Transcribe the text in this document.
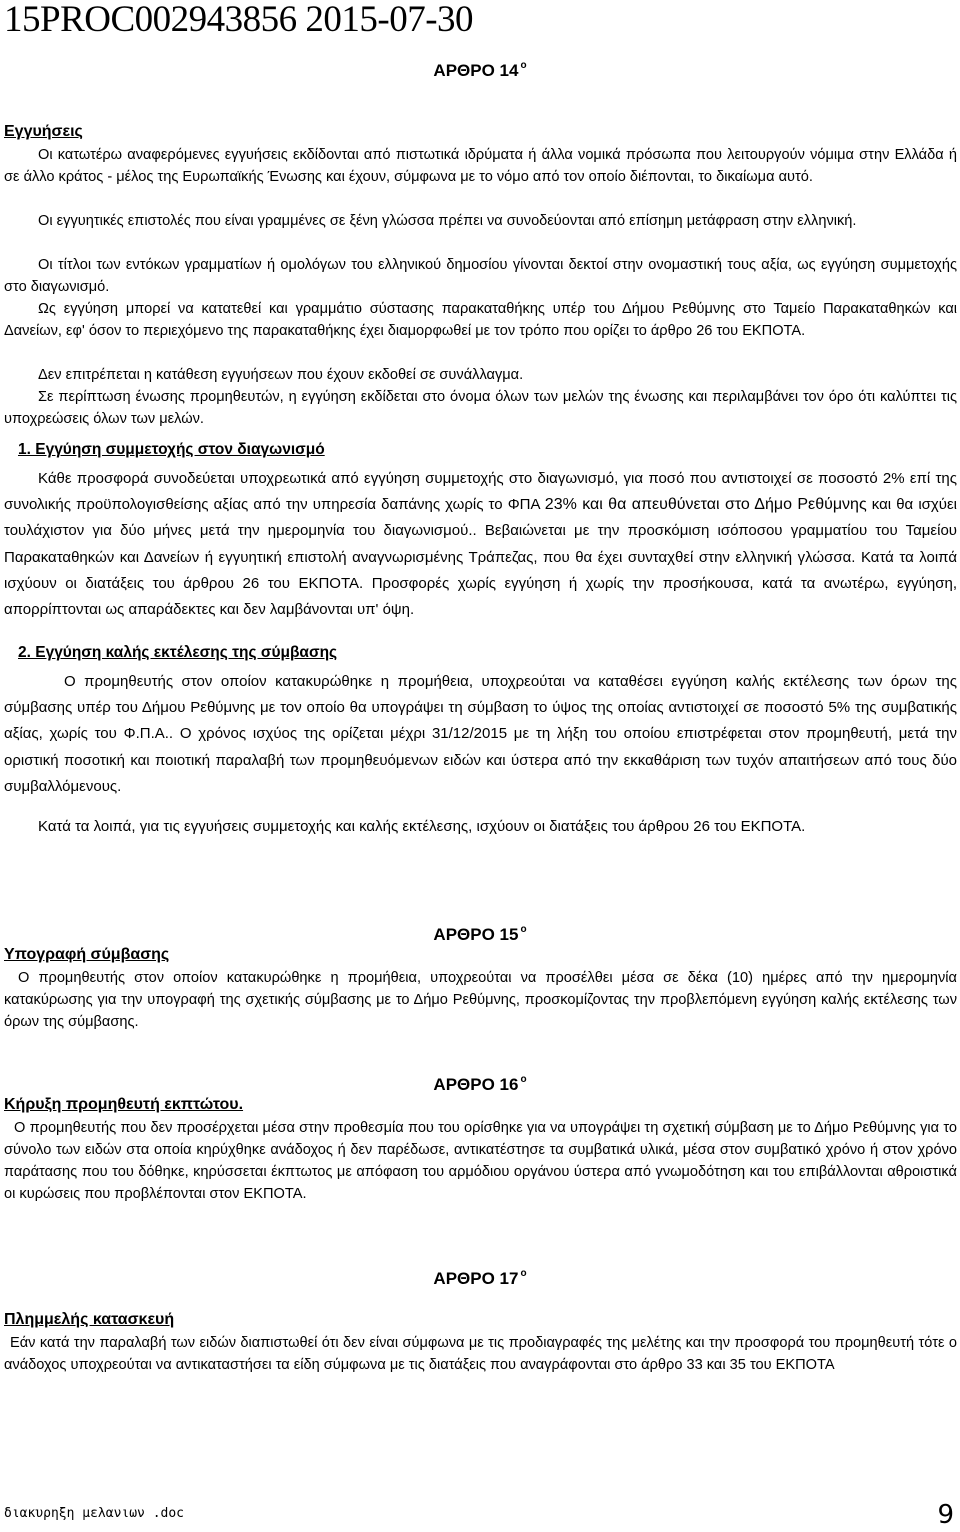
15PROC002943856 2015-07-30
ΑΡΘΡΟ 14 $^o$
Εγγυήσεις
Οι κατωτέρω αναφερόμενες εγγυήσεις εκδίδονται από πιστωτικά ιδρύματα ή άλλα νομικά πρόσωπα που λειτουργούν νόμιμα στην Ελλάδα ή σε άλλο κράτος - μέλος της Ευρωπαϊκής Ένωσης και έχουν, σύμφωνα με το νόμο από τον οποίο διέπονται, το δικαίωμα αυτό.
Οι εγγυητικές επιστολές που είναι γραμμένες σε ξένη γλώσσα πρέπει να συνοδεύονται από επίσημη μετάφραση στην ελληνική.
Οι τίτλοι των εντόκων γραμματίων ή ομολόγων του ελληνικού δημοσίου γίνονται δεκτοί στην ονομαστική τους αξία, ως εγγύηση συμμετοχής στο διαγωνισμό.
Ως εγγύηση μπορεί να κατατεθεί και γραμμάτιο σύστασης παρακαταθήκης υπέρ του Δήμου Ρεθύμνης στο Ταμείο Παρακαταθηκών και Δανείων, εφ' όσον το περιεχόμενο της παρακαταθήκης έχει διαμορφωθεί με τον τρόπο που ορίζει το άρθρο 26 του ΕΚΠΟΤΑ.
Δεν επιτρέπεται η κατάθεση εγγυήσεων που έχουν εκδοθεί σε συνάλλαγμα.
Σε περίπτωση ένωσης προμηθευτών, η εγγύηση εκδίδεται στο όνομα όλων των μελών της ένωσης και περιλαμβάνει τον όρο ότι καλύπτει τις υποχρεώσεις όλων των μελών.
1. Εγγύηση συμμετοχής στον διαγωνισμό
Κάθε προσφορά συνοδεύεται υποχρεωτικά από εγγύηση συμμετοχής στο διαγωνισμό, για ποσό που αντιστοιχεί σε ποσοστό 2% επί της συνολικής προϋπολογισθείσης αξίας από την υπηρεσία δαπάνης χωρίς το ΦΠΑ 23% και θα απευθύνεται στο Δήμο Ρεθύμνης και θα ισχύει τουλάχιστον για δύο μήνες μετά την ημερομηνία του διαγωνισμού.. Βεβαιώνεται με την προσκόμιση ισόποσου γραμματίου του Ταμείου Παρακαταθηκών και Δανείων ή εγγυητική επιστολή αναγνωρισμένης Τράπεζας, που θα έχει συνταχθεί στην ελληνική γλώσσα. Κατά τα λοιπά ισχύουν οι διατάξεις του άρθρου 26 του ΕΚΠΟΤΑ. Προσφορές χωρίς εγγύηση ή χωρίς την προσήκουσα, κατά τα ανωτέρω, εγγύηση, απορρίπτονται ως απαράδεκτες και δεν λαμβάνονται υπ' όψη.
2. Εγγύηση καλής εκτέλεσης της σύμβασης
Ο προμηθευτής στον οποίον κατακυρώθηκε η προμήθεια, υποχρεούται να καταθέσει εγγύηση καλής εκτέλεσης των όρων της σύμβασης υπέρ του Δήμου Ρεθύμνης με τον οποίο θα υπογράψει τη σύμβαση το ύψος της οποίας αντιστοιχεί σε ποσοστό 5% της συμβατικής αξίας, χωρίς του Φ.Π.Α.. Ο χρόνος ισχύος της ορίζεται μέχρι 31/12/2015 με τη λήξη του οποίου επιστρέφεται στον προμηθευτή, μετά την οριστική ποσοτική και ποιοτική παραλαβή των προμηθευόμενων ειδών και ύστερα από την εκκαθάριση των τυχόν απαιτήσεων από τους δύο συμβαλλόμενους.
Κατά τα λοιπά, για τις εγγυήσεις συμμετοχής και καλής εκτέλεσης, ισχύουν οι διατάξεις του άρθρου 26 του ΕΚΠΟΤΑ.
ΑΡΘΡΟ 15 $^o$
Υπογραφή σύμβασης
Ο προμηθευτής στον οποίον κατακυρώθηκε η προμήθεια, υποχρεούται να προσέλθει μέσα σε δέκα (10) ημέρες από την ημερομηνία κατακύρωσης για την υπογραφή της σχετικής σύμβασης με το Δήμο Ρεθύμνης, προσκομίζοντας την προβλεπόμενη εγγύηση καλής εκτέλεσης των όρων της σύμβασης.
ΑΡΘΡΟ 16 $^o$
Κήρυξη προμηθευτή εκπτώτου.
Ο προμηθευτής που δεν προσέρχεται μέσα στην προθεσμία που του ορίσθηκε για να υπογράψει τη σχετική σύμβαση με το Δήμο Ρεθύμνης για το σύνολο των ειδών στα οποία κηρύχθηκε ανάδοχος ή δεν παρέδωσε, αντικατέστησε τα συμβατικά υλικά, μέσα στον συμβατικό χρόνο ή στον χρόνο παράτασης που του δόθηκε, κηρύσσεται έκπτωτος με απόφαση του αρμόδιου οργάνου ύστερα από γνωμοδότηση και του επιβάλλονται αθροιστικά οι κυρώσεις που προβλέπονται στον ΕΚΠΟΤΑ.
ΑΡΘΡΟ 17 $^o$
Πλημμελής κατασκευή
Εάν κατά την παραλαβή των ειδών διαπιστωθεί ότι δεν είναι σύμφωνα με τις προδιαγραφές της μελέτης και την προσφορά του προμηθευτή τότε ο ανάδοχος υποχρεούται να αντικαταστήσει τα είδη σύμφωνα με τις διατάξεις που αναγράφονται στο άρθρο 33 και 35 του ΕΚΠΟΤΑ
διακυρηξη μελανιων .doc	9
